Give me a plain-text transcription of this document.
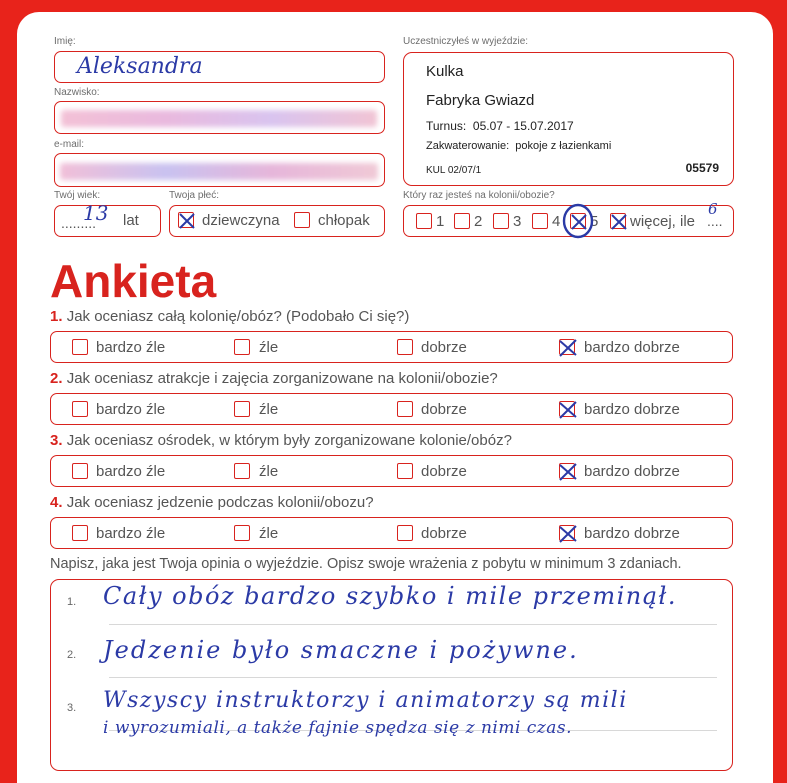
Imię:
Aleksandra
Nazwisko:
e-mail:
Twój wiek:
.........
13 lat
Twoja płeć:
dziewczyna	chłopak
Uczestniczyłeś w wyjeździe:
Kulka
Fabryka Gwiazd
Turnus: 05.07 - 15.07.2017
Zakwaterowanie: pokoje z łazienkami
KUL 02/07/1	05579
Który raz jesteś na kolonii/obozie?
1 2 3 4 5 więcej, ile ....
6
Ankieta
1. Jak oceniasz całą kolonię/obóz? (Podobało Ci się?)
bardzo źle	źle	dobrze	bardzo dobrze
2. Jak oceniasz atrakcje i zajęcia zorganizowane na kolonii/obozie?
bardzo źle	źle	dobrze	bardzo dobrze
3. Jak oceniasz ośrodek, w którym były zorganizowane kolonie/obóz?
bardzo źle	źle	dobrze	bardzo dobrze
4. Jak oceniasz jedzenie podczas kolonii/obozu?
bardzo źle	źle	dobrze	bardzo dobrze
Napisz, jaka jest Twoja opinia o wyjeździe. Opisz swoje wrażenia z pobytu w minimum 3 zdaniach.
1.
2.
3.
Cały obóz bardzo szybko i mile przeminął.
Jedzenie było smaczne i pożywne.
Wszyscy instruktorzy i animatorzy są mili
i wyrozumiali, a także fajnie spędza się z nimi czas.
